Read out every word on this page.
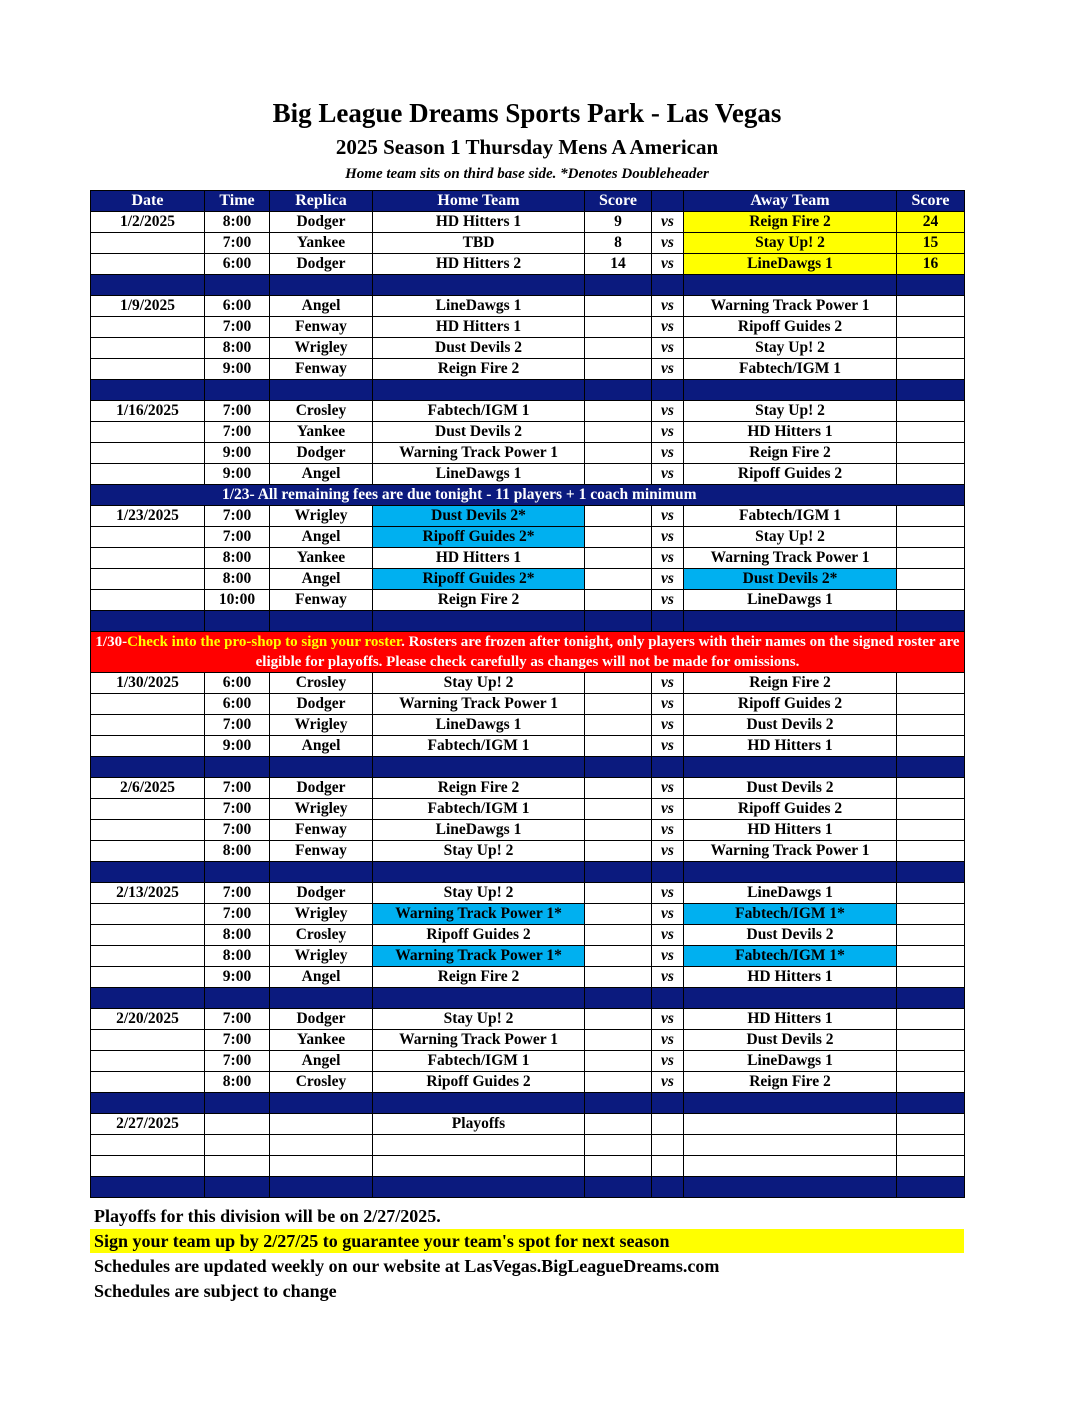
Big League Dreams Sports Park - Las Vegas
2025 Season 1 Thursday Mens A American
Home team sits on third base side. *Denotes Doubleheader
Date	Time	Replica	Home Team	Score		Away Team	Score
1/2/2025	8:00	Dodger	HD Hitters 1	9	vs	Reign Fire 2	24
	7:00	Yankee	TBD	8	vs	Stay Up! 2	15
	6:00	Dodger	HD Hitters 2	14	vs	LineDawgs 1	16

1/9/2025	6:00	Angel	LineDawgs 1		vs	Warning Track Power 1	
	7:00	Fenway	HD Hitters 1		vs	Ripoff Guides 2	
	8:00	Wrigley	Dust Devils 2		vs	Stay Up! 2	
	9:00	Fenway	Reign Fire 2		vs	Fabtech/IGM 1	

1/16/2025	7:00	Crosley	Fabtech/IGM 1		vs	Stay Up! 2	
	7:00	Yankee	Dust Devils 2		vs	HD Hitters 1	
	9:00	Dodger	Warning Track Power 1		vs	Reign Fire 2	
	9:00	Angel	LineDawgs 1		vs	Ripoff Guides 2	
1/23- All remaining fees are due tonight - 11 players + 1 coach minimum							
1/23/2025	7:00	Wrigley	Dust Devils 2*		vs	Fabtech/IGM 1	
	7:00	Angel	Ripoff Guides 2*		vs	Stay Up! 2	
	8:00	Yankee	HD Hitters 1		vs	Warning Track Power 1	
	8:00	Angel	Ripoff Guides 2*		vs	Dust Devils 2*	
	10:00	Fenway	Reign Fire 2		vs	LineDawgs 1	

1/30-Check into the pro-shop to sign your roster. Rosters are frozen after tonight, only players with their names on the signed roster are eligible for playoffs. Please check carefully as changes will not be made for omissions.							
1/30/2025	6:00	Crosley	Stay Up! 2		vs	Reign Fire 2	
	6:00	Dodger	Warning Track Power 1		vs	Ripoff Guides 2	
	7:00	Wrigley	LineDawgs 1		vs	Dust Devils 2	
	9:00	Angel	Fabtech/IGM 1		vs	HD Hitters 1	

2/6/2025	7:00	Dodger	Reign Fire 2		vs	Dust Devils 2	
	7:00	Wrigley	Fabtech/IGM 1		vs	Ripoff Guides 2	
	7:00	Fenway	LineDawgs 1		vs	HD Hitters 1	
	8:00	Fenway	Stay Up! 2		vs	Warning Track Power 1	

2/13/2025	7:00	Dodger	Stay Up! 2		vs	LineDawgs 1	
	7:00	Wrigley	Warning Track Power 1*		vs	Fabtech/IGM 1*	
	8:00	Crosley	Ripoff Guides 2		vs	Dust Devils 2	
	8:00	Wrigley	Warning Track Power 1*		vs	Fabtech/IGM 1*	
	9:00	Angel	Reign Fire 2		vs	HD Hitters 1	

2/20/2025	7:00	Dodger	Stay Up! 2		vs	HD Hitters 1	
	7:00	Yankee	Warning Track Power 1		vs	Dust Devils 2	
	7:00	Angel	Fabtech/IGM 1		vs	LineDawgs 1	
	8:00	Crosley	Ripoff Guides 2		vs	Reign Fire 2	

2/27/2025			Playoffs				

Playoffs for this division will be on 2/27/2025.
Sign your team up by 2/27/25 to guarantee your team's spot for next season
Schedules are updated weekly on our website at LasVegas.BigLeagueDreams.com
Schedules are subject to change
